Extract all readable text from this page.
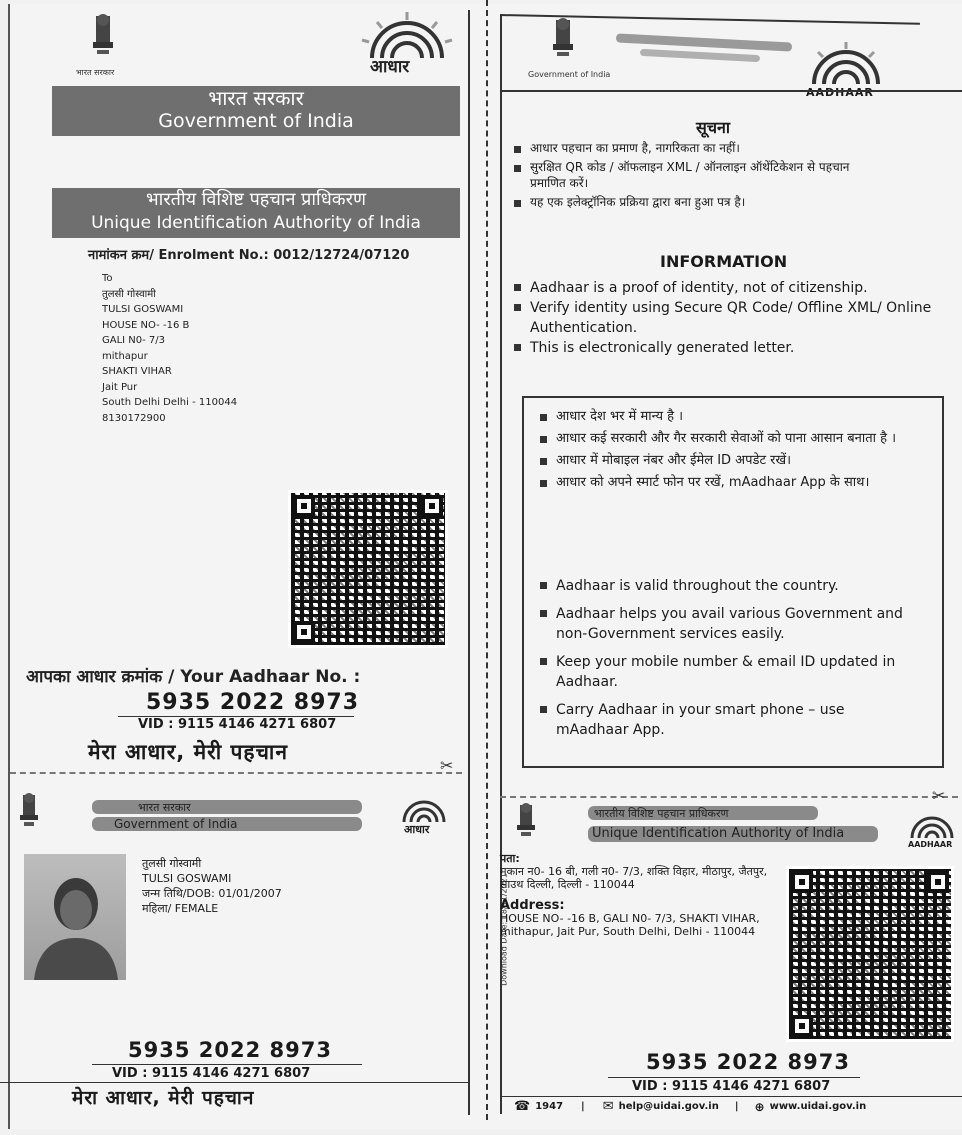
भारत सरकार	आधार
भारत सरकार
Government of India
भारतीय विशिष्ट पहचान प्राधिकरण
Unique Identification Authority of India
नामांकन क्रम/ Enrolment No.: 0012/12724/07120
To
तुलसी गोस्वामी
TULSI GOSWAMI
HOUSE NO- -16 B
GALI N0- 7/3
mithapur
SHAKTI VIHAR
Jait Pur
South Delhi Delhi - 110044
8130172900
आपका आधार क्रमांक / Your Aadhaar No. :
5935 2022 8973
VID : 9115 4146 4271 6807
मेरा आधार, मेरी पहचान
Government of India
AADHAAR
सूचना
आधार पहचान का प्रमाण है, नागरिकता का नहीं।
सुरक्षित QR कोड / ऑफलाइन XML / ऑनलाइन ऑथेंटिकेशन से पहचान प्रमाणित करें।
यह एक इलेक्ट्रॉनिक प्रक्रिया द्वारा बना हुआ पत्र है।
INFORMATION
Aadhaar is a proof of identity, not of citizenship.
Verify identity using Secure QR Code/ Offline XML/ Online Authentication.
This is electronically generated letter.
आधार देश भर में मान्य है ।
आधार कई सरकारी और गैर सरकारी सेवाओं को पाना आसान बनाता है ।
आधार में मोबाइल नंबर और ईमेल ID अपडेट रखें।
आधार को अपने स्मार्ट फोन पर रखें, mAadhaar App के साथ।
Aadhaar is valid throughout the country.
Aadhaar helps you avail various Government and non-Government services easily.
Keep your mobile number & email ID updated in Aadhaar.
Carry Aadhaar in your smart phone – use mAadhaar App.
✂
✂
भारत सरकार
Government of India	आधार
तुलसी गोस्वामी
TULSI GOSWAMI
जन्म तिथि/DOB: 01/01/2007
महिला/ FEMALE
5935 2022 8973
VID : 9115 4146 4271 6807
मेरा आधार, मेरी पहचान
भारतीय विशिष्ट पहचान प्राधिकरण
Unique Identification Authority of India
AADHAAR
Download Date: 18/11/2021
पता:
मकान न0- 16 बी, गली न0- 7/3, शक्ति विहार, मीठापुर, जैतपुर, साउथ दिल्ली, दिल्ली - 110044
Address:
HOUSE NO- -16 B, GALI N0- 7/3, SHAKTI VIHAR, mithapur, Jait Pur, South Delhi, Delhi - 110044
5935 2022 8973
VID : 9115 4146 4271 6807
☎ 1947 | ✉ help@uidai.gov.in | ⊕ www.uidai.gov.in
